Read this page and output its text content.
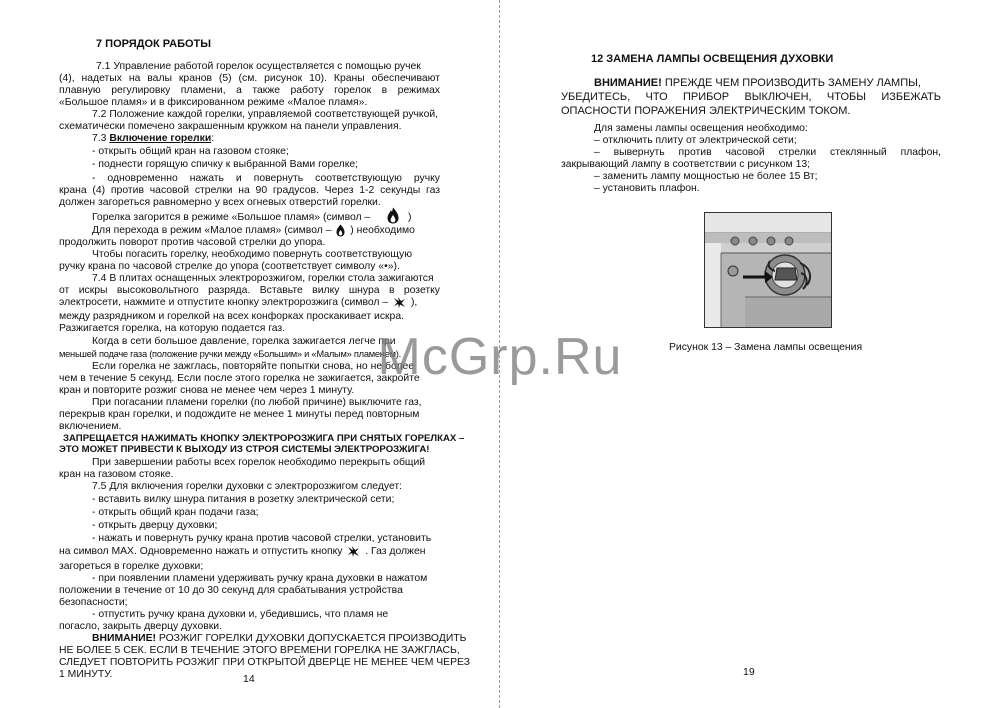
7 ПОРЯДОК РАБОТЫ
7.1 Управление работой горелок осуществляется с помощью ручек
(4), надетых на валы кранов (5) (см. рисунок 10). Краны обеспечивают
плавную регулировку пламени, а также работу горелок в режимах
«Большое пламя» и в фиксированном режиме «Малое пламя».
7.2 Положение каждой горелки, управляемой соответствующей ручкой,
схематически помечено закрашенным кружком на панели управления.
7.3 Включение горелки:
- открыть общий кран на газовом стояке;
- поднести горящую спичку к выбранной Вами горелке;
- одновременно нажать и повернуть соответствующую ручку
крана (4) против часовой стрелки на 90 градусов. Через 1-2 секунды газ
должен загореться равномерно у всех огневых отверстий горелки.
Горелка загорится в режиме «Большое пламя» (символ –	)
Для перехода в режим «Малое пламя» (символ – ) необходимо
продолжить поворот против часовой стрелки до упора.
Чтобы погасить горелку, необходимо повернуть соответствующую
ручку крана по часовой стрелке до упора (соответствует символу «•»).
7.4 В плитах оснащенных электророзжигом, горелки стола зажигаются
от искры высоковольтного разряда. Вставьте вилку шнура в розетку
электросети, нажмите и отпустите кнопку электророзжига (символ – ),
между разрядником и горелкой на всех конфорках проскакивает искра.
Разжигается горелка, на которую подается газ.
Когда в сети большое давление, горелка зажигается легче при
меньшей подаче газа (положение ручки между «Большим» и «Малым» пламенем).
Если горелка не зажглась, повторяйте попытки снова, но не более
чем в течение 5 секунд. Если после этого горелка не зажигается, закройте
кран и повторите розжиг снова не менее чем через 1 минуту.
При погасании пламени горелки (по любой причине) выключите газ,
перекрыв кран горелки, и подождите не менее 1 минуты перед повторным
включением.
ЗАПРЕЩАЕТСЯ НАЖИМАТЬ КНОПКУ ЭЛЕКТРОРОЗЖИГА ПРИ СНЯТЫХ ГОРЕЛКАХ –
ЭТО МОЖЕТ ПРИВЕСТИ К ВЫХОДУ ИЗ СТРОЯ СИСТЕМЫ ЭЛЕКТРОРОЗЖИГА!
При завершении работы всех горелок необходимо перекрыть общий
кран на газовом стояке.
7.5 Для включения горелки духовки с электророзжигом следует:
- вставить вилку шнура питания в розетку электрической сети;
- открыть общий кран подачи газа;
- открыть дверцу духовки;
- нажать и повернуть ручку крана против часовой стрелки, установить
на символ МАХ. Одновременно нажать и отпустить кнопку . Газ должен
загореться в горелке духовки;
- при появлении пламени удерживать ручку крана духовки в нажатом
положении в течение от 10 до 30 секунд для срабатывания устройства
безопасности;
- отпустить ручку крана духовки и, убедившись, что пламя не
погасло, закрыть дверцу духовки.
ВНИМАНИЕ! РОЗЖИГ ГОРЕЛКИ ДУХОВКИ ДОПУСКАЕТСЯ ПРОИЗВОДИТЬ
НЕ БОЛЕЕ 5 СЕК. ЕСЛИ В ТЕЧЕНИЕ ЭТОГО ВРЕМЕНИ ГОРЕЛКА НЕ ЗАЖГЛАСЬ,
СЛЕДУЕТ ПОВТОРИТЬ РОЗЖИГ ПРИ ОТКРЫТОЙ ДВЕРЦЕ НЕ МЕНЕЕ ЧЕМ ЧЕРЕЗ
1 МИНУТУ.	14
12 ЗАМЕНА ЛАМПЫ ОСВЕЩЕНИЯ ДУХОВКИ
ВНИМАНИЕ! ПРЕЖДЕ ЧЕМ ПРОИЗВОДИТЬ ЗАМЕНУ ЛАМПЫ,
УБЕДИТЕСЬ, ЧТО ПРИБОР ВЫКЛЮЧЕН, ЧТОБЫ ИЗБЕЖАТЬ
ОПАСНОСТИ ПОРАЖЕНИЯ ЭЛЕКТРИЧЕСКИМ ТОКОМ.
Для замены лампы освещения необходимо:
– отключить плиту от электрической сети;
– вывернуть против часовой стрелки стеклянный плафон,
закрывающий лампу в соответствии с рисунком 13;
– заменить лампу мощностью не более 15 Вт;
– установить плафон.
Рисунок 13 – Замена лампы освещения
19
McGrp.Ru
